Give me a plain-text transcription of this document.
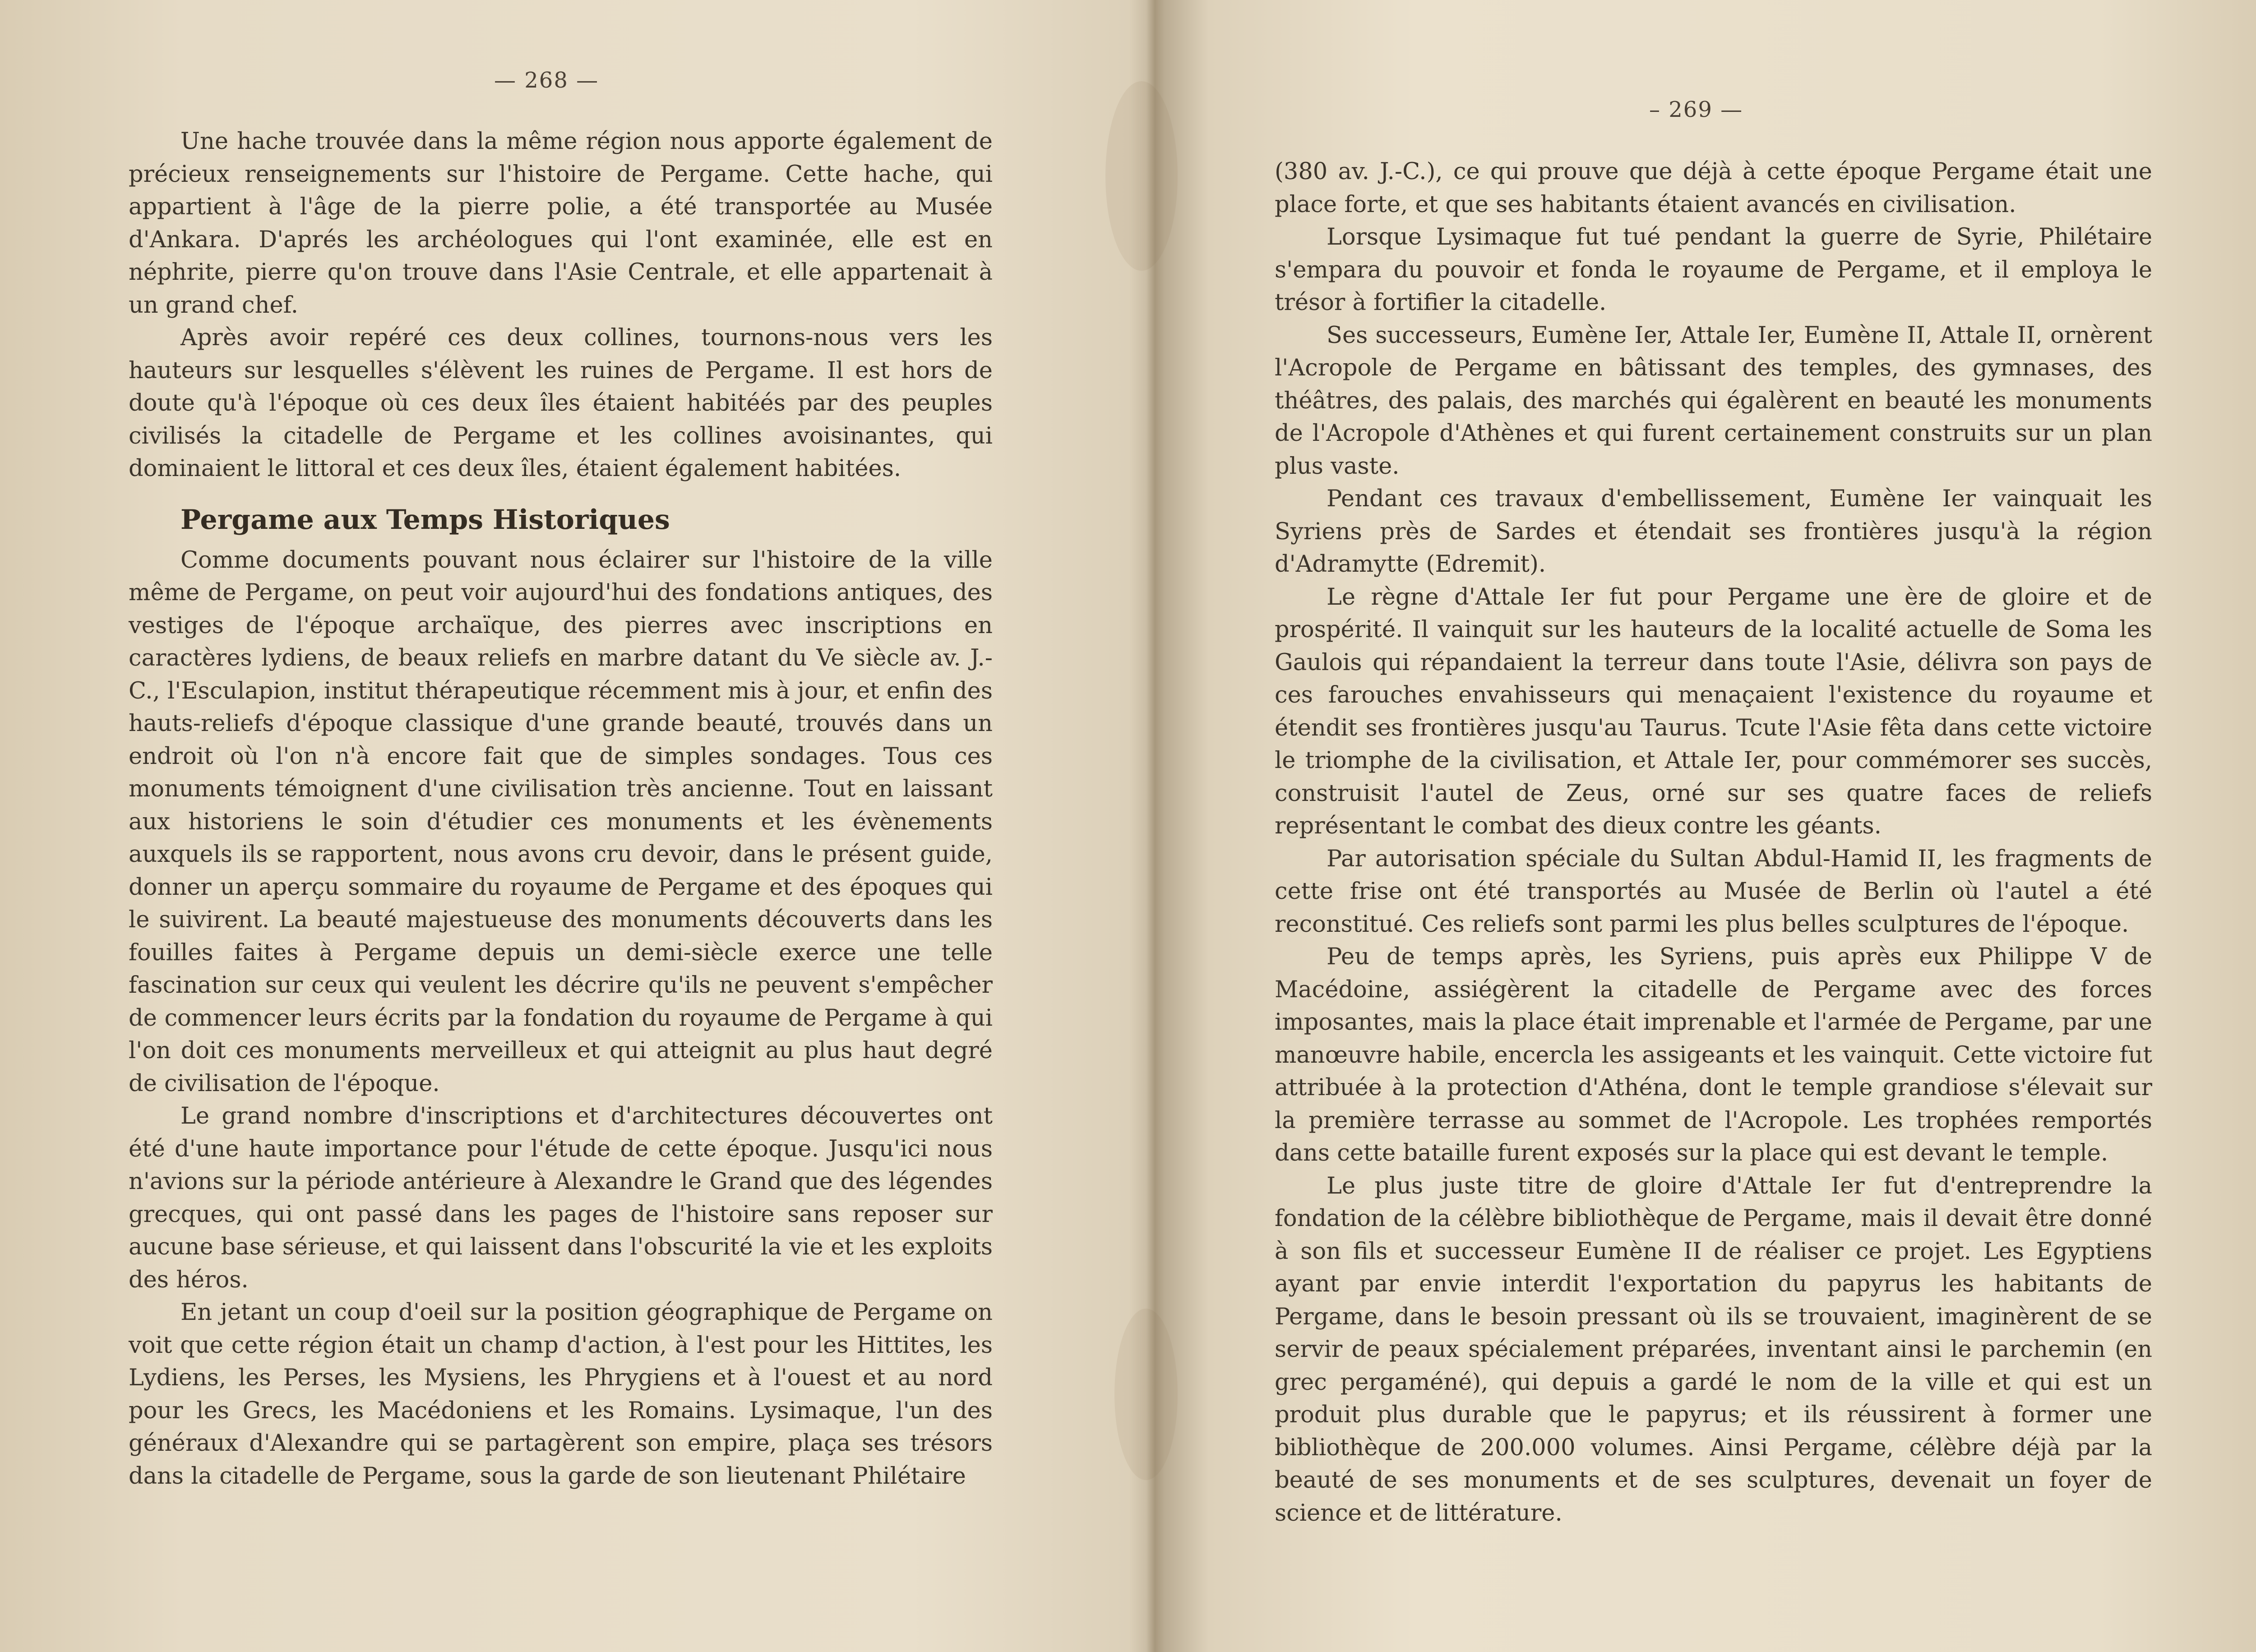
— 268 —

Une hache trouvée dans la même région nous apporte également de précieux renseignements sur l'histoire de Pergame. Cette hache, qui appartient à l'âge de la pierre polie, a été transportée au Musée d'Ankara. D'aprés les archéologues qui l'ont examinée, elle est en néphrite, pierre qu'on trouve dans l'Asie Centrale, et elle appartenait à un grand chef.

Après avoir repéré ces deux collines, tournons-nous vers les hauteurs sur lesquelles s'élèvent les ruines de Pergame. Il est hors de doute qu'à l'époque où ces deux îles étaient habitéés par des peuples civilisés la citadelle de Pergame et les collines avoisinantes, qui dominaient le littoral et ces deux îles, étaient également habitées.

Pergame aux Temps Historiques

Comme documents pouvant nous éclairer sur l'histoire de la ville même de Pergame, on peut voir aujourd'hui des fondations antiques, des vestiges de l'époque archaïque, des pierres avec inscriptions en caractères lydiens, de beaux reliefs en marbre datant du Ve siècle av. J.-C., l'Esculapion, institut thérapeutique récemment mis à jour, et enfin des hauts-reliefs d'époque classique d'une grande beauté, trouvés dans un endroit où l'on n'à encore fait que de simples sondages. Tous ces monuments témoignent d'une civilisation très ancienne. Tout en laissant aux historiens le soin d'étudier ces monuments et les évènements auxquels ils se rapportent, nous avons cru devoir, dans le présent guide, donner un aperçu sommaire du royaume de Pergame et des époques qui le suivirent. La beauté majestueuse des monuments découverts dans les fouilles faites à Pergame depuis un demi-siècle exerce une telle fascination sur ceux qui veulent les décrire qu'ils ne peuvent s'empêcher de commencer leurs écrits par la fondation du royaume de Pergame à qui l'on doit ces monuments merveilleux et qui atteignit au plus haut degré de civilisation de l'époque.

Le grand nombre d'inscriptions et d'architectures découvertes ont été d'une haute importance pour l'étude de cette époque. Jusqu'ici nous n'avions sur la période antérieure à Alexandre le Grand que des légendes grecques, qui ont passé dans les pages de l'histoire sans reposer sur aucune base sérieuse, et qui laissent dans l'obscurité la vie et les exploits des héros.

En jetant un coup d'oeil sur la position géographique de Pergame on voit que cette région était un champ d'action, à l'est pour les Hittites, les Lydiens, les Perses, les Mysiens, les Phrygiens et à l'ouest et au nord pour les Grecs, les Macédoniens et les Romains. Lysimaque, l'un des généraux d'Alexandre qui se partagèrent son empire, plaça ses trésors dans la citadelle de Pergame, sous la garde de son lieutenant Philétaire

– 269 —

(380 av. J.-C.), ce qui prouve que déjà à cette époque Pergame était une place forte, et que ses habitants étaient avancés en civilisation.

Lorsque Lysimaque fut tué pendant la guerre de Syrie, Philétaire s'empara du pouvoir et fonda le royaume de Pergame, et il employa le trésor à fortifier la citadelle.

Ses successeurs, Eumène Ier, Attale Ier, Eumène II, Attale II, ornèrent l'Acropole de Pergame en bâtissant des temples, des gymnases, des théâtres, des palais, des marchés qui égalèrent en beauté les monuments de l'Acropole d'Athènes et qui furent certainement construits sur un plan plus vaste.

Pendant ces travaux d'embellissement, Eumène Ier vainquait les Syriens près de Sardes et étendait ses frontières jusqu'à la région d'Adramytte (Edremit).

Le règne d'Attale Ier fut pour Pergame une ère de gloire et de prospérité. Il vainquit sur les hauteurs de la localité actuelle de Soma les Gaulois qui répandaient la terreur dans toute l'Asie, délivra son pays de ces farouches envahisseurs qui menaçaient l'existence du royaume et étendit ses frontières jusqu'au Taurus. Tcute l'Asie fêta dans cette victoire le triomphe de la civilisation, et Attale Ier, pour commémorer ses succès, construisit l'autel de Zeus, orné sur ses quatre faces de reliefs représentant le combat des dieux contre les géants.

Par autorisation spéciale du Sultan Abdul-Hamid II, les fragments de cette frise ont été transportés au Musée de Berlin où l'autel a été reconstitué. Ces reliefs sont parmi les plus belles sculptures de l'époque.

Peu de temps après, les Syriens, puis après eux Philippe V de Macédoine, assiégèrent la citadelle de Pergame avec des forces imposantes, mais la place était imprenable et l'armée de Pergame, par une manœuvre habile, encercla les assigeants et les vainquit. Cette victoire fut attribuée à la protection d'Athéna, dont le temple grandiose s'élevait sur la première terrasse au sommet de l'Acropole. Les trophées remportés dans cette bataille furent exposés sur la place qui est devant le temple.

Le plus juste titre de gloire d'Attale Ier fut d'entreprendre la fondation de la célèbre bibliothèque de Pergame, mais il devait être donné à son fils et successeur Eumène II de réaliser ce projet. Les Egyptiens ayant par envie interdit l'exportation du papyrus les habitants de Pergame, dans le besoin pressant où ils se trouvaient, imaginèrent de se servir de peaux spécialement préparées, inventant ainsi le parchemin (en grec pergaméné), qui depuis a gardé le nom de la ville et qui est un produit plus durable que le papyrus; et ils réussirent à former une bibliothèque de 200.000 volumes. Ainsi Pergame, célèbre déjà par la beauté de ses monuments et de ses sculptures, devenait un foyer de science et de littérature.
